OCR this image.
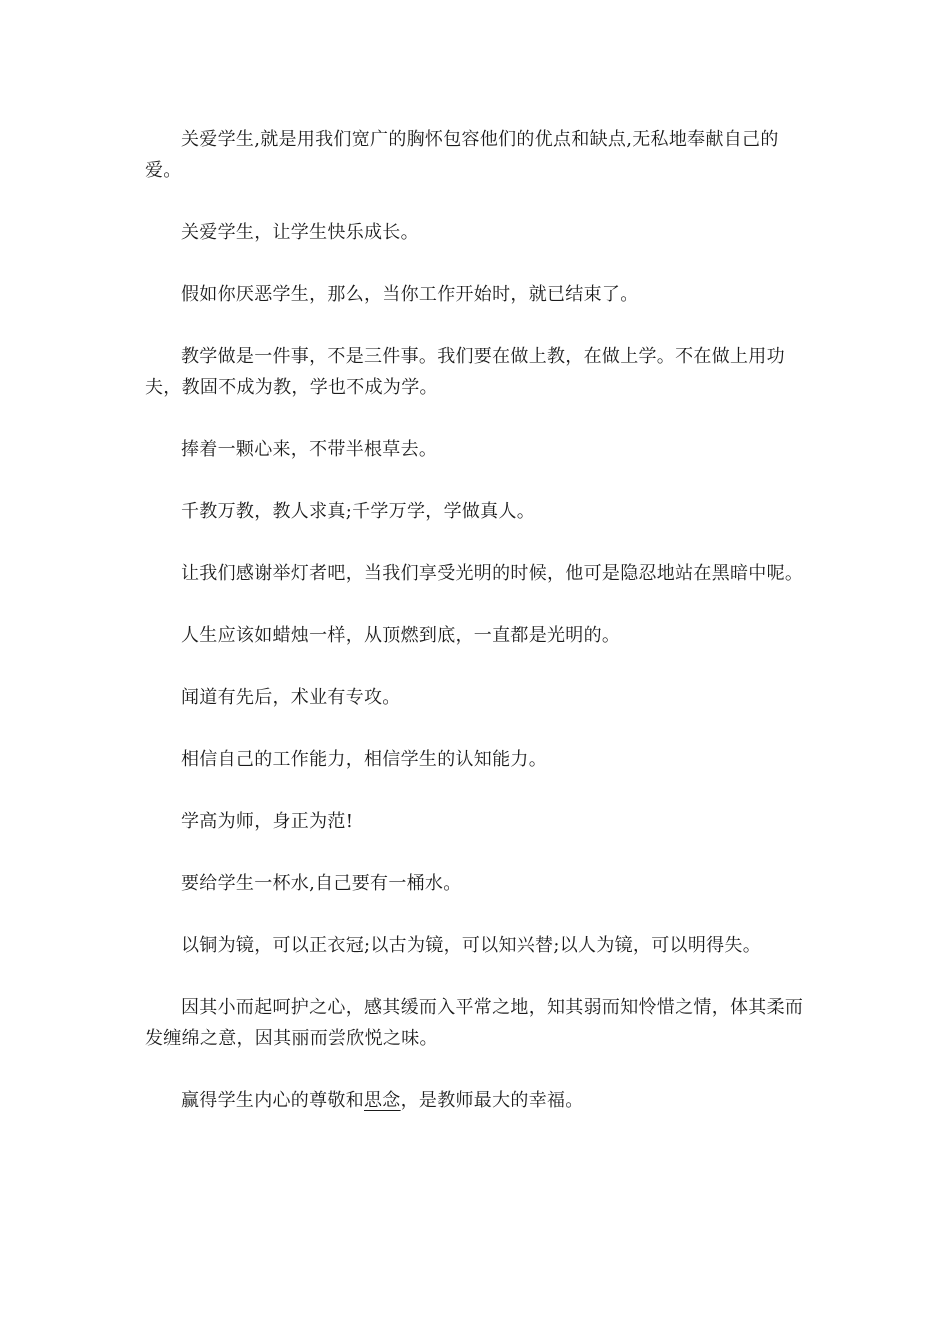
关爱学生,就是用我们宽广的胸怀包容他们的优点和缺点,无私地奉献自己的爱。

关爱学生，让学生快乐成长。

假如你厌恶学生，那么，当你工作开始时，就已结束了。

教学做是一件事，不是三件事。我们要在做上教，在做上学。不在做上用功夫，教固不成为教，学也不成为学。

捧着一颗心来，不带半根草去。

千教万教，教人求真;千学万学，学做真人。

让我们感谢举灯者吧，当我们享受光明的时候，他可是隐忍地站在黑暗中呢。

人生应该如蜡烛一样，从顶燃到底，一直都是光明的。

闻道有先后，术业有专攻。

相信自己的工作能力，相信学生的认知能力。

学高为师，身正为范!

要给学生一杯水,自己要有一桶水。

以铜为镜，可以正衣冠;以古为镜，可以知兴替;以人为镜，可以明得失。

因其小而起呵护之心，感其缓而入平常之地，知其弱而知怜惜之情，体其柔而发缠绵之意，因其丽而尝欣悦之味。

赢得学生内心的尊敬和思念，是教师最大的幸福。
